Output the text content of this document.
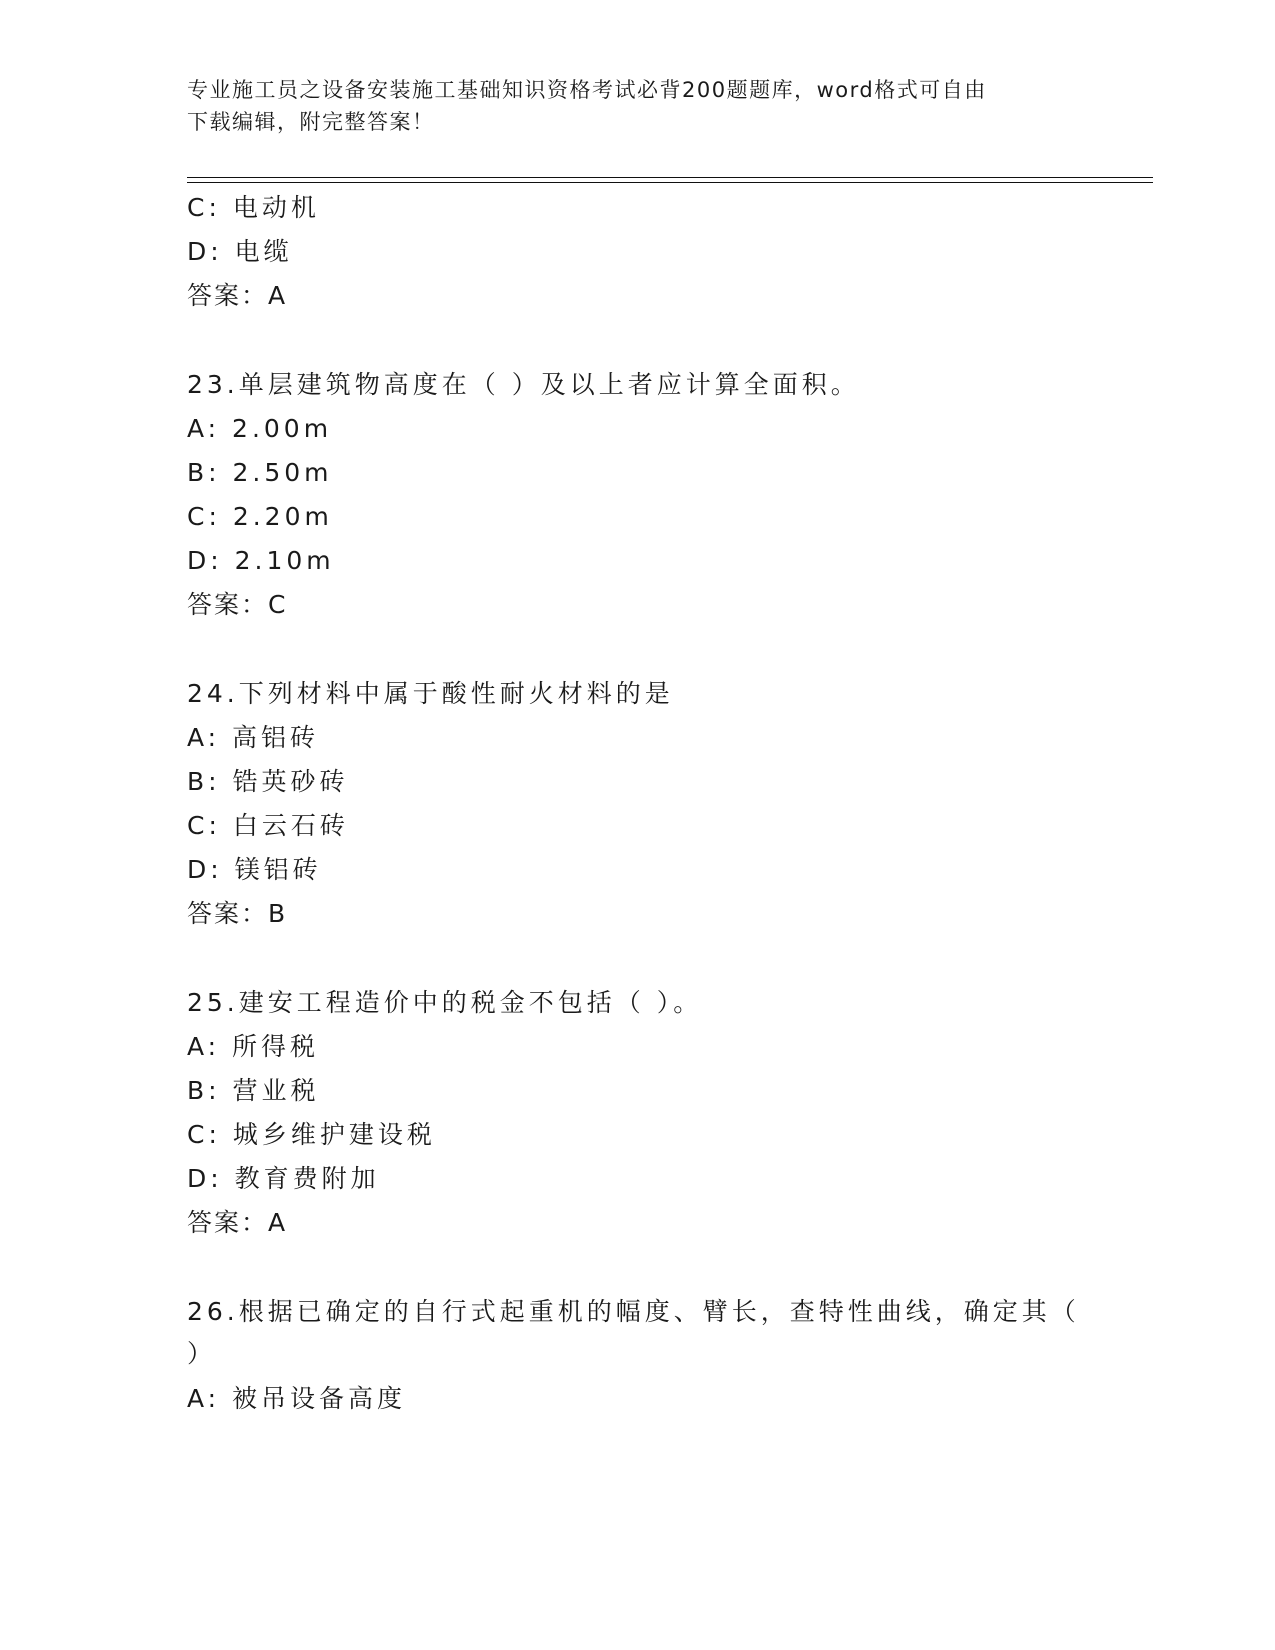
专业施工员之设备安装施工基础知识资格考试必背200题题库，word格式可自由
下载编辑，附完整答案！
C: 电动机
D: 电缆
答案：A
23.单层建筑物高度在（ ）及以上者应计算全面积。
A: 2.00m
B: 2.50m
C: 2.20m
D: 2.10m
答案：C
24.下列材料中属于酸性耐火材料的是
A: 高铝砖
B: 锆英砂砖
C: 白云石砖
D: 镁铝砖
答案：B
25.建安工程造价中的税金不包括（ ）。
A: 所得税
B: 营业税
C: 城乡维护建设税
D: 教育费附加
答案：A
26.根据已确定的自行式起重机的幅度、臂长，查特性曲线，确定其（
）
A: 被吊设备高度
